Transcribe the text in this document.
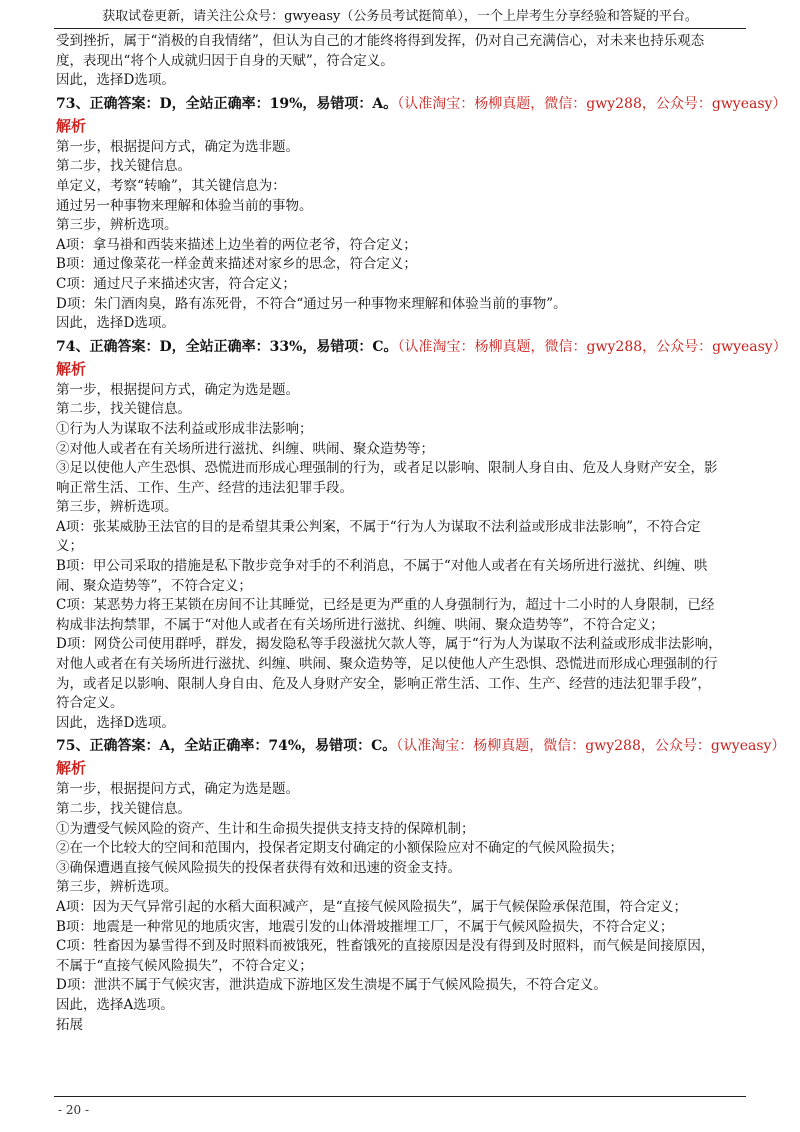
获取试卷更新，请关注公众号：gwyeasy（公务员考试挺简单），一个上岸考生分享经验和答疑的平台。
受到挫折，属于“消极的自我情绪”，但认为自己的才能终将得到发挥，仍对自己充满信心，对未来也持乐观态
度，表现出“将个人成就归因于自身的天赋”，符合定义。
因此，选择D选项。
73、正确答案：D，全站正确率：19%，易错项：A。（认准淘宝：杨柳真题，微信：gwy288，公众号：gwyeasy）
解析
第一步，根据提问方式，确定为选非题。
第二步，找关键信息。
单定义，考察“转喻”，其关键信息为：
通过另一种事物来理解和体验当前的事物。
第三步，辨析选项。
A项：拿马褂和西装来描述上边坐着的两位老爷，符合定义；
B项：通过像菜花一样金黄来描述对家乡的思念，符合定义；
C项：通过尺子来描述灾害，符合定义；
D项：朱门酒肉臭，路有冻死骨，不符合“通过另一种事物来理解和体验当前的事物”。
因此，选择D选项。
74、正确答案：D，全站正确率：33%，易错项：C。（认准淘宝：杨柳真题，微信：gwy288，公众号：gwyeasy）
解析
第一步，根据提问方式，确定为选是题。
第二步，找关键信息。
①行为人为谋取不法利益或形成非法影响；
②对他人或者在有关场所进行滋扰、纠缠、哄闹、聚众造势等；
③足以使他人产生恐惧、恐慌进而形成心理强制的行为，或者足以影响、限制人身自由、危及人身财产安全，影
响正常生活、工作、生产、经营的违法犯罪手段。
第三步，辨析选项。
A项：张某威胁王法官的目的是希望其秉公判案，不属于“行为人为谋取不法利益或形成非法影响”，不符合定
义；
B项：甲公司采取的措施是私下散步竞争对手的不利消息，不属于“对他人或者在有关场所进行滋扰、纠缠、哄
闹、聚众造势等”，不符合定义；
C项：某恶势力将王某锁在房间不让其睡觉，已经是更为严重的人身强制行为，超过十二小时的人身限制，已经
构成非法拘禁罪，不属于“对他人或者在有关场所进行滋扰、纠缠、哄闹、聚众造势等”，不符合定义；
D项：网贷公司使用群呼，群发，揭发隐私等手段滋扰欠款人等，属于“行为人为谋取不法利益或形成非法影响，
对他人或者在有关场所进行滋扰、纠缠、哄闹、聚众造势等，足以使他人产生恐惧、恐慌进而形成心理强制的行
为，或者足以影响、限制人身自由、危及人身财产安全，影响正常生活、工作、生产、经营的违法犯罪手段”，
符合定义。
因此，选择D选项。
75、正确答案：A，全站正确率：74%，易错项：C。（认准淘宝：杨柳真题，微信：gwy288，公众号：gwyeasy）
解析
第一步，根据提问方式，确定为选是题。
第二步，找关键信息。
①为遭受气候风险的资产、生计和生命损失提供支持支持的保障机制；
②在一个比较大的空间和范围内，投保者定期支付确定的小额保险应对不确定的气候风险损失；
③确保遭遇直接气候风险损失的投保者获得有效和迅速的资金支持。
第三步，辨析选项。
A项：因为天气异常引起的水稻大面积减产，是“直接气候风险损失”，属于气候保险承保范围，符合定义；
B项：地震是一种常见的地质灾害，地震引发的山体滑坡摧埋工厂，不属于气候风险损失，不符合定义；
C项：牲畜因为暴雪得不到及时照料而被饿死，牲畜饿死的直接原因是没有得到及时照料，而气候是间接原因，
不属于“直接气候风险损失”，不符合定义；
D项：泄洪不属于气候灾害，泄洪造成下游地区发生溃堤不属于气候风险损失，不符合定义。
因此，选择A选项。
拓展
- 20 -
